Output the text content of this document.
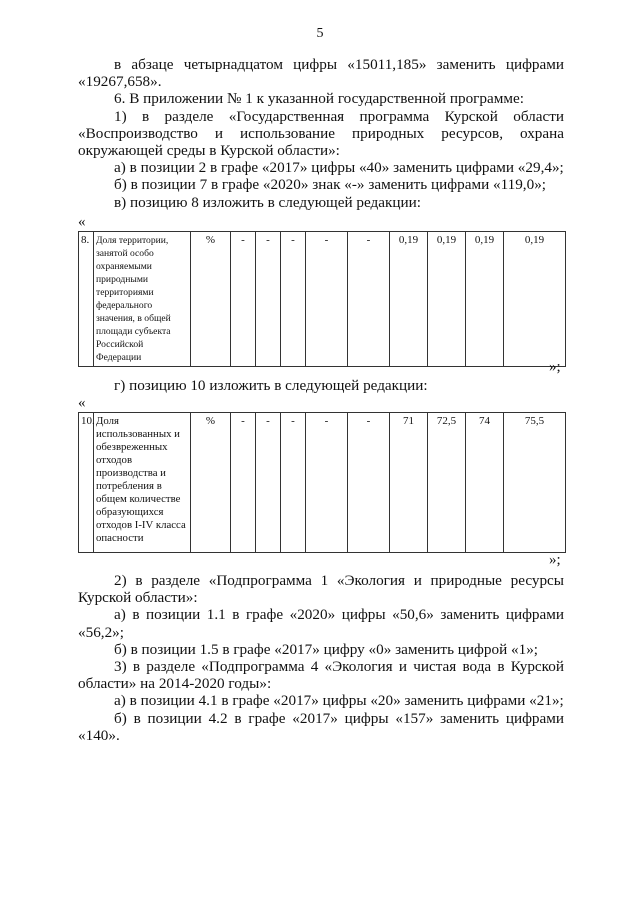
5

в абзаце четырнадцатом цифры «15011,185» заменить цифрами

«19267,658».

6. В приложении № 1 к указанной государственной программе:

1) в разделе «Государственная программа Курской области «Воспроизводство и использование природных ресурсов, охрана окружающей среды в Курской области»:

а) в позиции 2 в графе «2017» цифры «40» заменить цифрами «29,4»;

б) в позиции 7 в графе «2020» знак «-» заменить цифрами «119,0»;

в) позицию 8 изложить в следующей редакции:

«
8.	Доля территории, занятой особо охраняемыми природными территориями федерального значения, в общей площади субъекта Российской Федерации	%	-	-	-	-	-	0,19	0,19	0,19	0,19
»;

г) позицию 10 изложить в следующей редакции:

«
10.	Доля использованных и обезвреженных отходов производства и потребления в общем количестве образующихся отходов I-IV класса опасности	%	-	-	-	-	-	71	72,5	74	75,5
»;

2) в разделе «Подпрограмма 1 «Экология и природные ресурсы Курской области»:

а) в позиции 1.1 в графе «2020» цифры «50,6» заменить цифрами «56,2»;

б) в позиции 1.5 в графе «2017» цифру «0» заменить цифрой «1»;

3) в разделе «Подпрограмма 4 «Экология и чистая вода в Курской области» на 2014-2020 годы»:

а) в позиции 4.1 в графе «2017» цифры «20» заменить цифрами «21»;

б) в позиции 4.2 в графе «2017» цифры «157» заменить цифрами «140».
